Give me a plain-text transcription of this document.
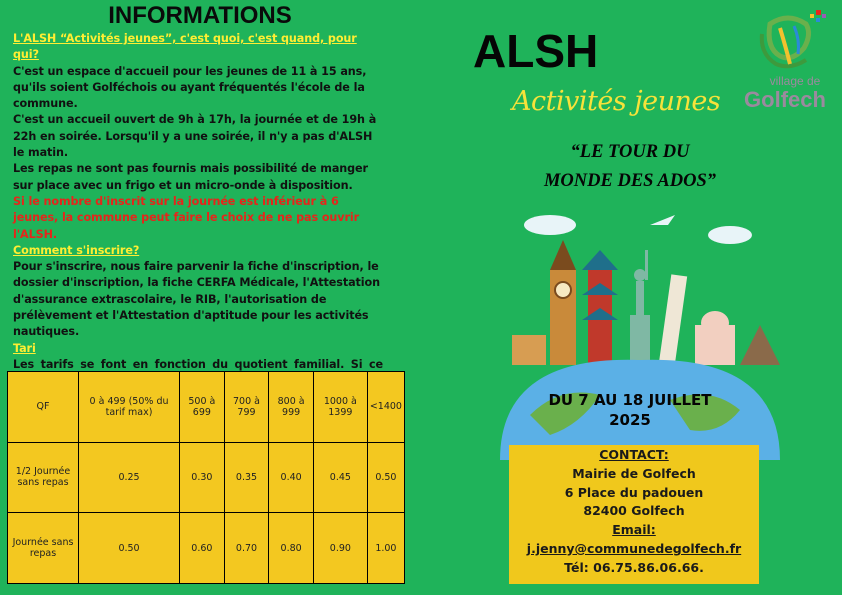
INFORMATIONS

L'ALSH “Activités jeunes”, c'est quoi, c'est quand, pour qui?

C'est un espace d'accueil pour les jeunes de 11 à 15 ans, qu'ils soient Golféchois ou ayant fréquentés l'école de la commune.

C'est un accueil ouvert de 9h à 17h, la journée et de 19h à 22h en soirée. Lorsqu'il y a une soirée, il n'y a pas d'ALSH le matin.

Les repas ne sont pas fournis mais possibilité de manger sur place avec un frigo et un micro-onde à disposition.

Si le nombre d'inscrit sur la journée est inférieur à 6 jeunes, la commune peut faire le choix de ne pas ouvrir l'ALSH.

Comment s'inscrire?

Pour s'inscrire, nous faire parvenir la fiche d'inscription, le dossier d'inscription, la fiche CERFA Médicale, l'Attestation d'assurance extrascolaire, le RIB, l'autorisation de prélèvement et l'Attestation d'aptitude pour les activités nautiques.

Tari

Les tarifs se font en fonction du quotient familial. Si ce

QF	0 à 499 (50% du tarif max)	500 à 699	700 à 799	800 à 999	1000 à 1399	<1400
1/2 Journée sans repas	0.25	0.30	0.35	0.40	0.45	0.50
Journée sans repas	0.50	0.60	0.70	0.80	0.90	1.00
ALSH
Activités jeunes
“LE TOUR DU
MONDE DES ADOS”
village de
Golfech
DU 7 AU 18 JUILLET
2025
CONTACT:
Mairie de Golfech
6 Place du padouen
82400 Golfech
Email:
j.jenny@communedegolfech.fr
Tél: 06.75.86.06.66.
